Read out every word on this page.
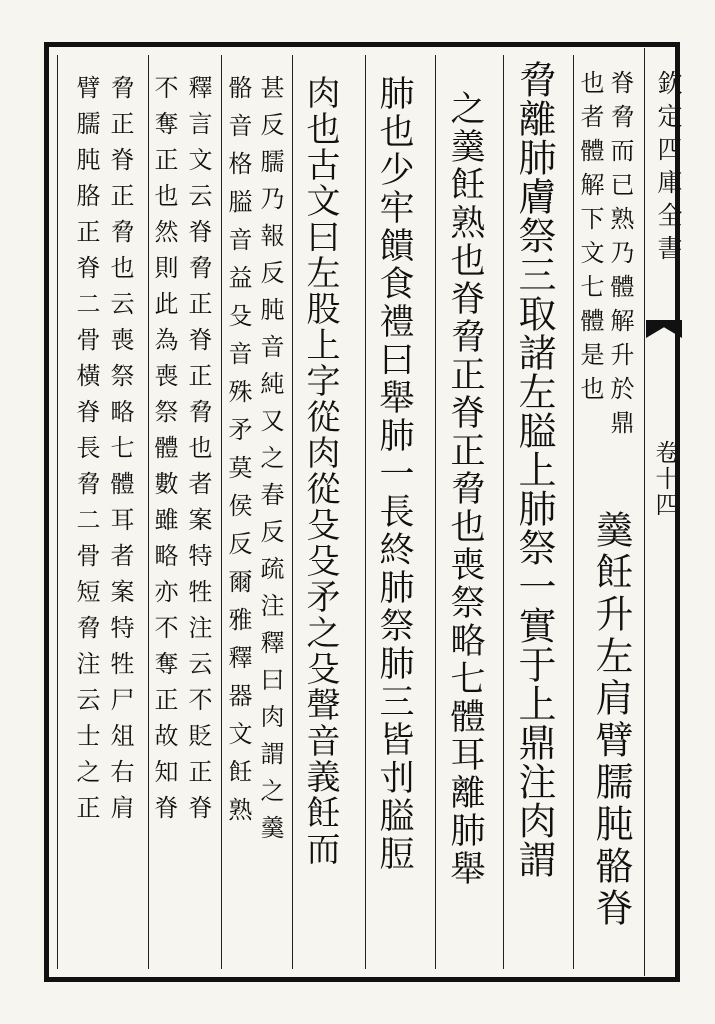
欽定四庫全書
卷十四
脊脅而已熟乃體解升於鼎
也者體解下文七體是也
羹飪升左肩臂臑肫骼脊
脅離肺膚祭三取諸左膉上肺祭一實于上鼎注肉謂
之羹飪熟也脊脅正脊正脅也喪祭略七體耳離肺舉
肺也少牢饋食禮曰舉肺一長終肺祭肺三皆刌膉脰
肉也古文曰左股上字從肉從殳殳矛之殳聲音義飪而
甚反臑乃報反肫音純又之春反疏注釋曰肉謂之羹
骼音格膉音益殳音殊矛莫侯反爾雅釋器文飪熟
釋言文云脊脅正脊正脅也者案特牲注云不貶正脊
不奪正也然則此為喪祭體數雖略亦不奪正故知脊
脅正脊正脅也云喪祭略七體耳者案特牲尸俎右肩
臂臑肫胳正脊二骨橫脊長脅二骨短脅注云士之正
